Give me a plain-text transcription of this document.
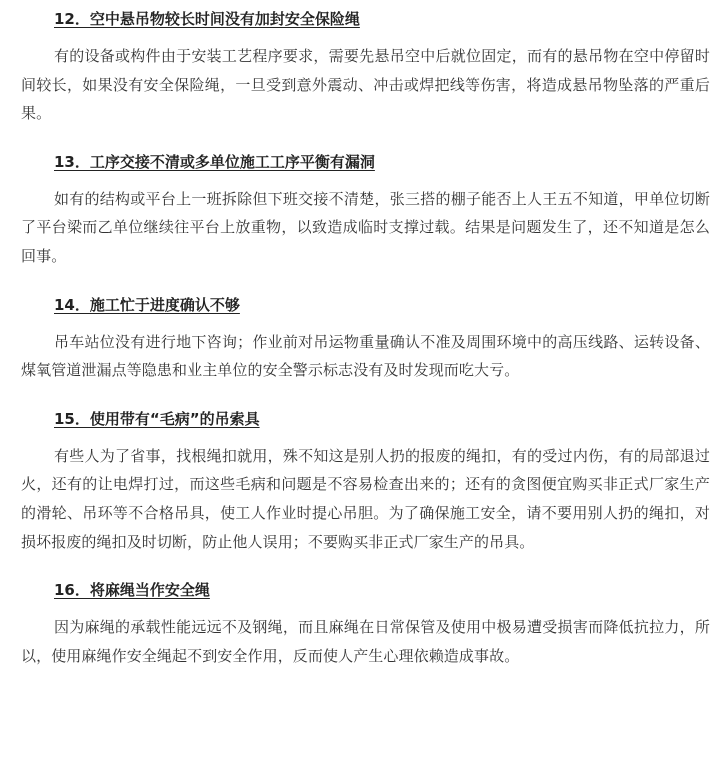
12．空中悬吊物较长时间没有加封安全保险绳

有的设备或构件由于安装工艺程序要求，需要先悬吊空中后就位固定，而有的悬吊物在空中停留时间较长，如果没有安全保险绳，一旦受到意外震动、冲击或焊把线等伤害，将造成悬吊物坠落的严重后果。

13．工序交接不清或多单位施工工序平衡有漏洞

如有的结构或平台上一班拆除但下班交接不清楚，张三搭的棚子能否上人王五不知道，甲单位切断了平台梁而乙单位继续往平台上放重物，以致造成临时支撑过载。结果是问题发生了，还不知道是怎么回事。

14．施工忙于进度确认不够

吊车站位没有进行地下咨询；作业前对吊运物重量确认不准及周围环境中的高压线路、运转设备、煤氧管道泄漏点等隐患和业主单位的安全警示标志没有及时发现而吃大亏。

15．使用带有“毛病”的吊索具

有些人为了省事，找根绳扣就用，殊不知这是别人扔的报废的绳扣，有的受过内伤，有的局部退过火，还有的让电焊打过，而这些毛病和问题是不容易检查出来的；还有的贪图便宜购买非正式厂家生产的滑轮、吊环等不合格吊具，使工人作业时提心吊胆。为了确保施工安全，请不要用别人扔的绳扣，对损坏报废的绳扣及时切断，防止他人误用；不要购买非正式厂家生产的吊具。

16．将麻绳当作安全绳

因为麻绳的承载性能远远不及钢绳，而且麻绳在日常保管及使用中极易遭受损害而降低抗拉力，所以，使用麻绳作安全绳起不到安全作用，反而使人产生心理依赖造成事故。
